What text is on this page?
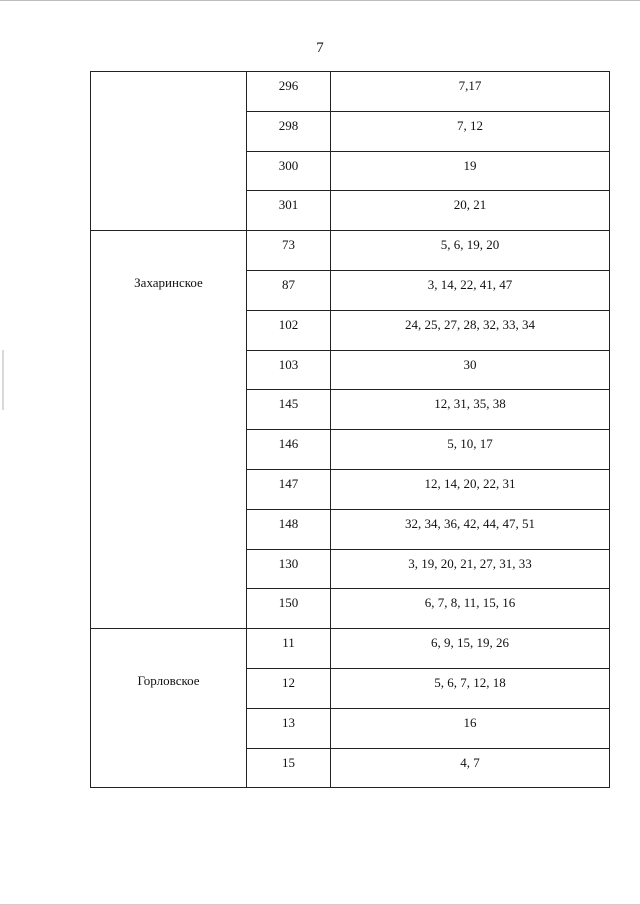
7
	296	7,17
	298	7, 12
	300	19
	301	20, 21
Захаринское	73	5, 6, 19, 20
	87	3, 14, 22, 41, 47
	102	24, 25, 27, 28, 32, 33, 34
	103	30
	145	12, 31, 35, 38
	146	5, 10, 17
	147	12, 14, 20, 22, 31
	148	32, 34, 36, 42, 44, 47, 51
	130	3, 19, 20, 21, 27, 31, 33
	150	6, 7, 8, 11, 15, 16
Горловское	11	6, 9, 15, 19, 26
	12	5, 6, 7, 12, 18
	13	16
	15	4, 7
